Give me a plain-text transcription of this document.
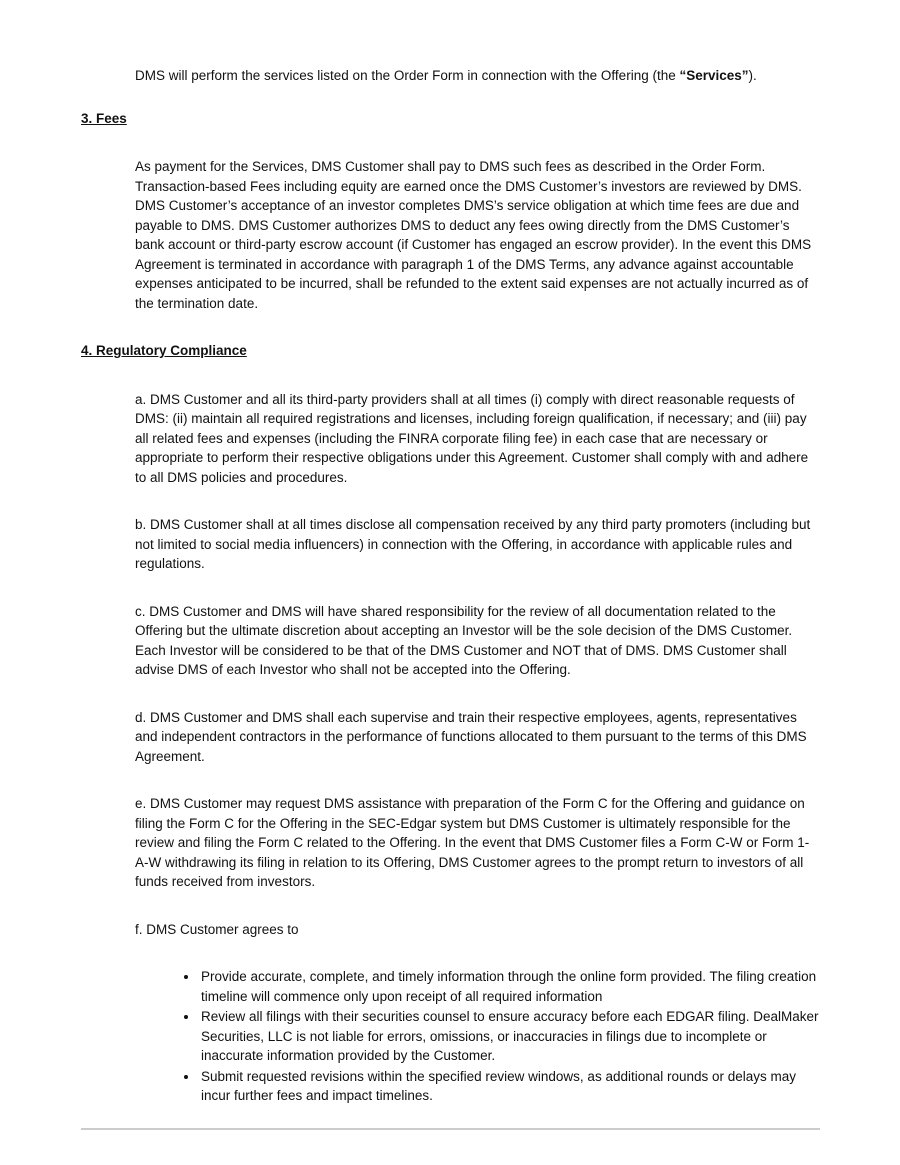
DMS will perform the services listed on the Order Form in connection with the Offering (the “Services”).

3. Fees

As payment for the Services, DMS Customer shall pay to DMS such fees as described in the Order Form. Transaction-based Fees including equity are earned once the DMS Customer’s investors are reviewed by DMS. DMS Customer’s acceptance of an investor completes DMS’s service obligation at which time fees are due and payable to DMS. DMS Customer authorizes DMS to deduct any fees owing directly from the DMS Customer’s bank account or third-party escrow account (if Customer has engaged an escrow provider). In the event this DMS Agreement is terminated in accordance with paragraph 1 of the DMS Terms, any advance against accountable expenses anticipated to be incurred, shall be refunded to the extent said expenses are not actually incurred as of the termination date.

4. Regulatory Compliance

a. DMS Customer and all its third-party providers shall at all times (i) comply with direct reasonable requests of DMS: (ii) maintain all required registrations and licenses, including foreign qualification, if necessary; and (iii) pay all related fees and expenses (including the FINRA corporate filing fee) in each case that are necessary or appropriate to perform their respective obligations under this Agreement. Customer shall comply with and adhere to all DMS policies and procedures.

b. DMS Customer shall at all times disclose all compensation received by any third party promoters (including but not limited to social media influencers) in connection with the Offering, in accordance with applicable rules and regulations.

c. DMS Customer and DMS will have shared responsibility for the review of all documentation related to the Offering but the ultimate discretion about accepting an Investor will be the sole decision of the DMS Customer. Each Investor will be considered to be that of the DMS Customer and NOT that of DMS. DMS Customer shall advise DMS of each Investor who shall not be accepted into the Offering.

d. DMS Customer and DMS shall each supervise and train their respective employees, agents, representatives and independent contractors in the performance of functions allocated to them pursuant to the terms of this DMS Agreement.

e. DMS Customer may request DMS assistance with preparation of the Form C for the Offering and guidance on filing the Form C for the Offering in the SEC-Edgar system but DMS Customer is ultimately responsible for the review and filing the Form C related to the Offering. In the event that DMS Customer files a Form C-W or Form 1-A-W withdrawing its filing in relation to its Offering, DMS Customer agrees to the prompt return to investors of all funds received from investors.

f. DMS Customer agrees to

• Provide accurate, complete, and timely information through the online form provided. The filing creation timeline will commence only upon receipt of all required information
• Review all filings with their securities counsel to ensure accuracy before each EDGAR filing. DealMaker Securities, LLC is not liable for errors, omissions, or inaccuracies in filings due to incomplete or inaccurate information provided by the Customer.
• Submit requested revisions within the specified review windows, as additional rounds or delays may incur further fees and impact timelines.
